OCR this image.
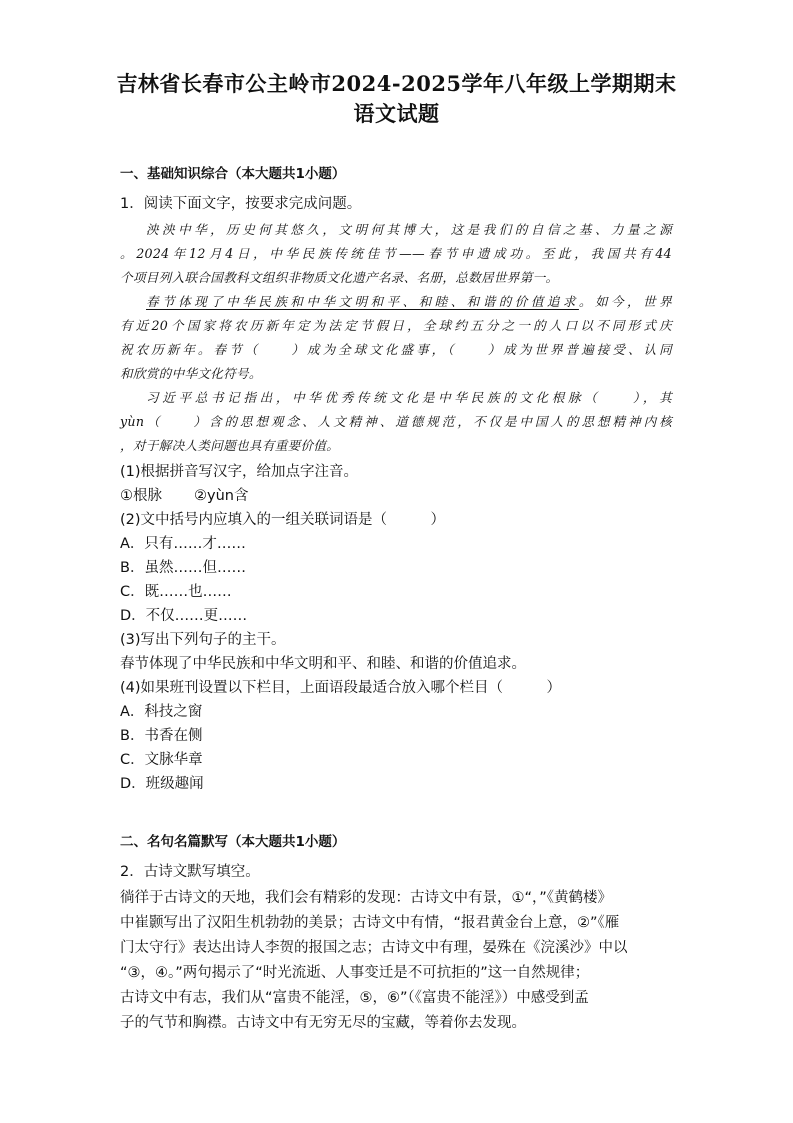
吉林省长春市公主岭市2024-2025学年八年级上学期期末
语文试题
一、基础知识综合（本大题共1小题）
1．阅读下面文字，按要求完成问题。
泱泱中华，历史何其悠久，文明何其博大，这是我们的自信之基、力量之源
。2024年12月4日，中华民族传统佳节——春节申遗成功。至此，我国共有44
个项目列入联合国教科文组织非物质文化遗产名录、名册，总数居世界第一。
春节体现了中华民族和中华文明和平、和睦、和谐的价值追求。如今，世界
有近20个国家将农历新年定为法定节假日，全球约五分之一的人口以不同形式庆
祝农历新年。春节（　　）成为全球文化盛事，（　　）成为世界普遍接受、认同
和欣赏的中华文化符号。
习近平总书记指出，中华优秀传统文化是中华民族的文化根脉（　　），其
yùn（　　）含的思想观念、人文精神、道德规范，不仅是中国人的思想精神内核
，对于解决人类问题也具有重要价值。
(1)根据拼音写汉字，给加点字注音。
①根脉 ②yùn含
(2)文中括号内应填入的一组关联词语是（　　　）
A．只有……才……
B．虽然……但……
C．既……也……
D．不仅……更……
(3)写出下列句子的主干。
春节体现了中华民族和中华文明和平、和睦、和谐的价值追求。
(4)如果班刊设置以下栏目，上面语段最适合放入哪个栏目（　　　）
A．科技之窗
B．书香在侧
C．文脉华章
D．班级趣闻
二、名句名篇默写（本大题共1小题）
2．古诗文默写填空。
徜徉于古诗文的天地，我们会有精彩的发现：古诗文中有景，①“，”《黄鹤楼》
中崔颢写出了汉阳生机勃勃的美景；古诗文中有情，“报君黄金台上意，②”《雁
门太守行》表达出诗人李贺的报国之志；古诗文中有理，晏殊在《浣溪沙》中以
“③，④。”两句揭示了“时光流逝、人事变迁是不可抗拒的”这一自然规律；
古诗文中有志，我们从“富贵不能淫，⑤，⑥”（《富贵不能淫》）中感受到孟
子的气节和胸襟。古诗文中有无穷无尽的宝藏，等着你去发现。
